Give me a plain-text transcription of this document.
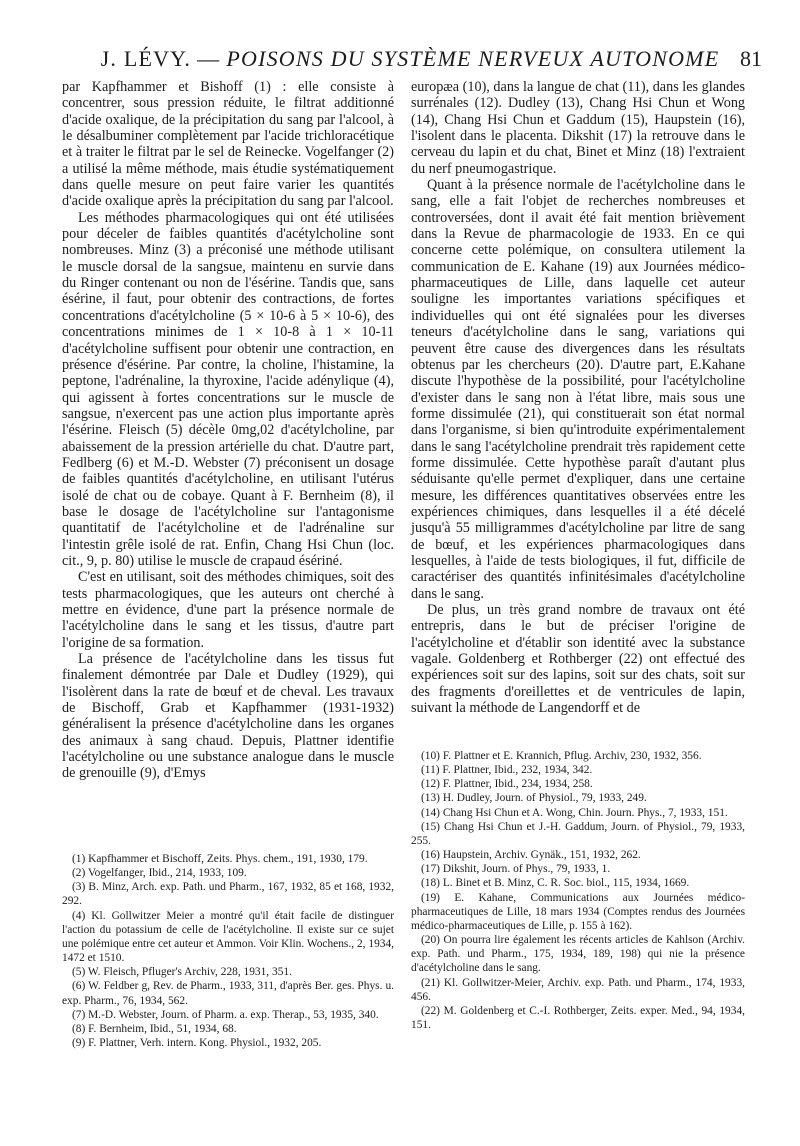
J. LÉVY. — POISONS DU SYSTÈME NERVEUX AUTONOME 81

par Kapfhammer et Bishoff (1) : elle consiste à concentrer, sous pression réduite, le filtrat additionné d'acide oxalique, de la précipitation du sang par l'alcool, à le désalbuminer complètement par l'acide trichloracétique et à traiter le filtrat par le sel de Reinecke. Vogelfanger (2) a utilisé la même méthode, mais étudie systématiquement dans quelle mesure on peut faire varier les quantités d'acide oxalique après la précipitation du sang par l'alcool.

Les méthodes pharmacologiques qui ont été utilisées pour déceler de faibles quantités d'acétylcholine sont nombreuses. Minz (3) a préconisé une méthode utilisant le muscle dorsal de la sangsue, maintenu en survie dans du Ringer contenant ou non de l'ésérine. Tandis que, sans ésérine, il faut, pour obtenir des contractions, de fortes concentrations d'acétylcholine (5 × 10-6 à 5 × 10-6), des concentrations minimes de 1 × 10-8 à 1 × 10-11 d'acétylcholine suffisent pour obtenir une contraction, en présence d'ésérine. Par contre, la choline, l'histamine, la peptone, l'adrénaline, la thyroxine, l'acide adénylique (4), qui agissent à fortes concentrations sur le muscle de sangsue, n'exercent pas une action plus importante après l'ésérine. Fleisch (5) décèle 0mg,02 d'acétylcholine, par abaissement de la pression artérielle du chat. D'autre part, Fedlberg (6) et M.-D. Webster (7) préconisent un dosage de faibles quantités d'acétylcholine, en utilisant l'utérus isolé de chat ou de cobaye. Quant à F. Bernheim (8), il base le dosage de l'acétylcholine sur l'antagonisme quantitatif de l'acétylcholine et de l'adrénaline sur l'intestin grêle isolé de rat. Enfin, Chang Hsi Chun (loc. cit., 9, p. 80) utilise le muscle de crapaud ésériné.

C'est en utilisant, soit des méthodes chimiques, soit des tests pharmacologiques, que les auteurs ont cherché à mettre en évidence, d'une part la présence normale de l'acétylcholine dans le sang et les tissus, d'autre part l'origine de sa formation.

La présence de l'acétylcholine dans les tissus fut finalement démontrée par Dale et Dudley (1929), qui l'isolèrent dans la rate de bœuf et de cheval. Les travaux de Bischoff, Grab et Kapfhammer (1931-1932) généralisent la présence d'acétylcholine dans les organes des animaux à sang chaud. Depuis, Plattner identifie l'acétylcholine ou une substance analogue dans le muscle de grenouille (9), d'Emys

europæa (10), dans la langue de chat (11), dans les glandes surrénales (12). Dudley (13), Chang Hsi Chun et Wong (14), Chang Hsi Chun et Gaddum (15), Haupstein (16), l'isolent dans le placenta. Dikshit (17) la retrouve dans le cerveau du lapin et du chat, Binet et Minz (18) l'extraient du nerf pneumogastrique.

Quant à la présence normale de l'acétylcholine dans le sang, elle a fait l'objet de recherches nombreuses et controversées, dont il avait été fait mention brièvement dans la Revue de pharmacologie de 1933. En ce qui concerne cette polémique, on consultera utilement la communication de E. Kahane (19) aux Journées médico-pharmaceutiques de Lille, dans laquelle cet auteur souligne les importantes variations spécifiques et individuelles qui ont été signalées pour les diverses teneurs d'acétylcholine dans le sang, variations qui peuvent être cause des divergences dans les résultats obtenus par les chercheurs (20). D'autre part, E.Kahane discute l'hypothèse de la possibilité, pour l'acétylcholine d'exister dans le sang non à l'état libre, mais sous une forme dissimulée (21), qui constituerait son état normal dans l'organisme, si bien qu'introduite expérimentalement dans le sang l'acétylcholine prendrait très rapidement cette forme dissimulée. Cette hypothèse paraît d'autant plus séduisante qu'elle permet d'expliquer, dans une certaine mesure, les différences quantitatives observées entre les expériences chimiques, dans lesquelles il a été décelé jusqu'à 55 milligrammes d'acétylcholine par litre de sang de bœuf, et les expériences pharmacologiques dans lesquelles, à l'aide de tests biologiques, il fut, difficile de caractériser des quantités infinitésimales d'acétylcholine dans le sang.

De plus, un très grand nombre de travaux ont été entrepris, dans le but de préciser l'origine de l'acétylcholine et d'établir son identité avec la substance vagale. Goldenberg et Rothberger (22) ont effectué des expériences soit sur des lapins, soit sur des chats, soit sur des fragments d'oreillettes et de ventricules de lapin, suivant la méthode de Langendorff et de

(1) Kapfhammer et Bischoff, Zeits. Phys. chem., 191, 1930, 179.

(2) Vogelfanger, Ibid., 214, 1933, 109.

(3) B. Minz, Arch. exp. Path. und Pharm., 167, 1932, 85 et 168, 1932, 292.

(4) Kl. Gollwitzer Meier a montré qu'il était facile de distinguer l'action du potassium de celle de l'acétylcholine. Il existe sur ce sujet une polémique entre cet auteur et Ammon. Voir Klin. Wochens., 2, 1934, 1472 et 1510.

(5) W. Fleisch, Pfluger's Archiv, 228, 1931, 351.

(6) W. Feldber g, Rev. de Pharm., 1933, 311, d'après Ber. ges. Phys. u. exp. Pharm., 76, 1934, 562.

(7) M.-D. Webster, Journ. of Pharm. a. exp. Therap., 53, 1935, 340.

(8) F. Bernheim, Ibid., 51, 1934, 68.

(9) F. Plattner, Verh. intern. Kong. Physiol., 1932, 205.

(10) F. Plattner et E. Krannich, Pflug. Archiv, 230, 1932, 356.

(11) F. Plattner, Ibid., 232, 1934, 342.

(12) F. Plattner, Ibid., 234, 1934, 258.

(13) H. Dudley, Journ. of Physiol., 79, 1933, 249.

(14) Chang Hsi Chun et A. Wong, Chin. Journ. Phys., 7, 1933, 151.

(15) Chang Hsi Chun et J.-H. Gaddum, Journ. of Physiol., 79, 1933, 255.

(16) Haupstein, Archiv. Gynäk., 151, 1932, 262.

(17) Dikshit, Journ. of Phys., 79, 1933, 1.

(18) L. Binet et B. Minz, C. R. Soc. biol., 115, 1934, 1669.

(19) E. Kahane, Communications aux Journées médico-pharmaceutiques de Lille, 18 mars 1934 (Comptes rendus des Journées médico-pharmaceutiques de Lille, p. 155 à 162).

(20) On pourra lire également les récents articles de Kahlson (Archiv. exp. Path. und Pharm., 175, 1934, 189, 198) qui nie la présence d'acétylcholine dans le sang.

(21) Kl. Gollwitzer-Meier, Archiv. exp. Path. und Pharm., 174, 1933, 456.

(22) M. Goldenberg et C.-I. Rothberger, Zeits. exper. Med., 94, 1934, 151.
